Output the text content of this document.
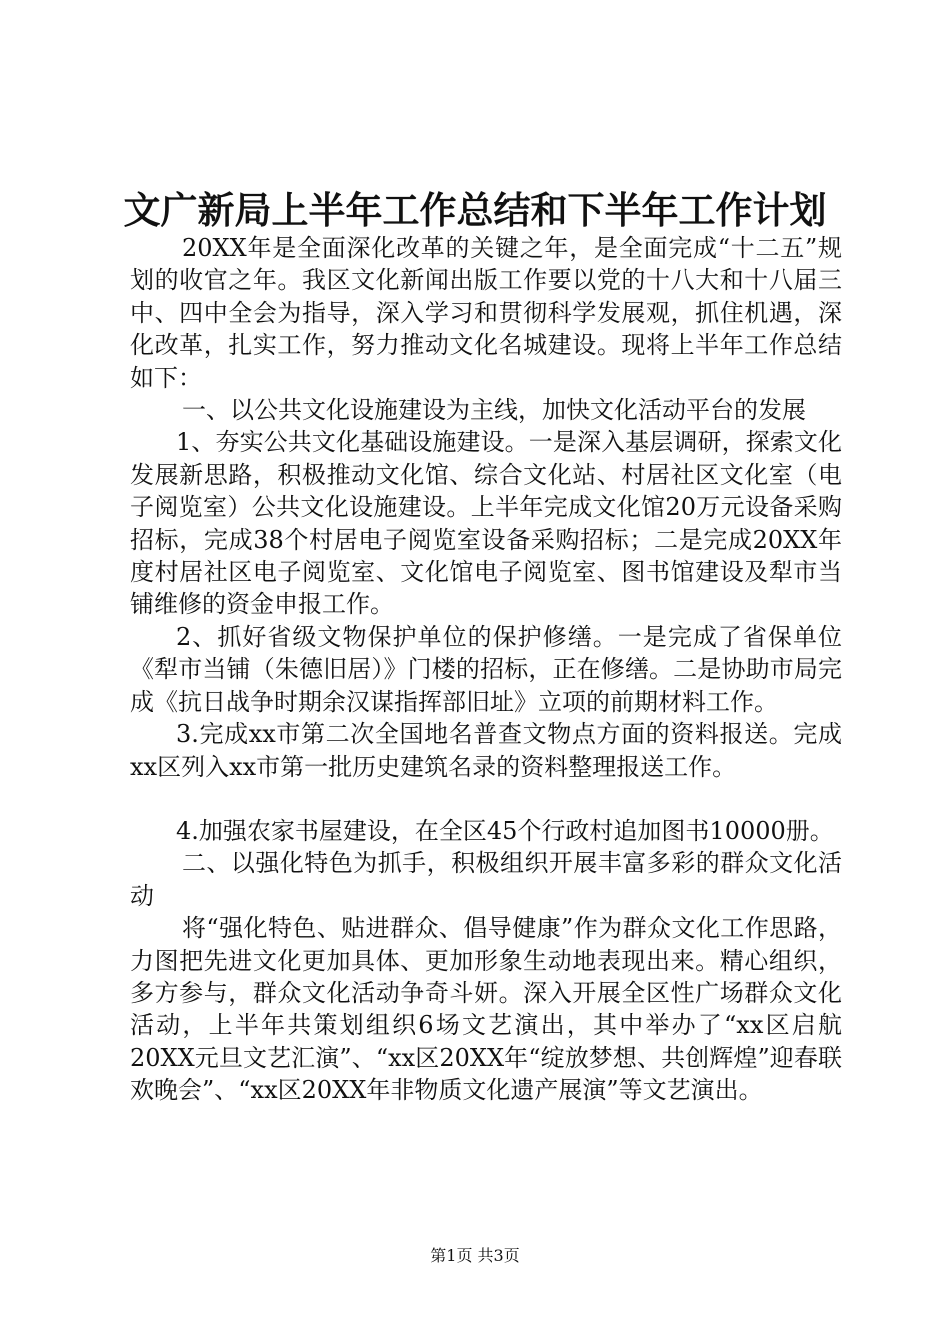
文广新局上半年工作总结和下半年工作计划

20XX年是全面深化改革的关键之年，是全面完成“十二五”规划的收官之年。我区文化新闻出版工作要以党的十八大和十八届三中、四中全会为指导，深入学习和贯彻科学发展观，抓住机遇，深化改革，扎实工作，努力推动文化名城建设。现将上半年工作总结如下：

一、以公共文化设施建设为主线，加快文化活动平台的发展

1、夯实公共文化基础设施建设。一是深入基层调研，探索文化发展新思路，积极推动文化馆、综合文化站、村居社区文化室（电子阅览室）公共文化设施建设。上半年完成文化馆20万元设备采购招标，完成38个村居电子阅览室设备采购招标；二是完成20XX年度村居社区电子阅览室、文化馆电子阅览室、图书馆建设及犁市当铺维修的资金申报工作。

2、抓好省级文物保护单位的保护修缮。一是完成了省保单位《犁市当铺（朱德旧居）》门楼的招标，正在修缮。二是协助市局完成《抗日战争时期余汉谋指挥部旧址》立项的前期材料工作。

3.完成xx市第二次全国地名普查文物点方面的资料报送。完成xx区列入xx市第一批历史建筑名录的资料整理报送工作。

4.加强农家书屋建设，在全区45个行政村追加图书10000册。

二、以强化特色为抓手，积极组织开展丰富多彩的群众文化活动

将“强化特色、贴进群众、倡导健康”作为群众文化工作思路，力图把先进文化更加具体、更加形象生动地表现出来。精心组织，多方参与，群众文化活动争奇斗妍。深入开展全区性广场群众文化活动，上半年共策划组织6场文艺演出，其中举办了“xx区启航20XX元旦文艺汇演”、“xx区20XX年“绽放梦想、共创辉煌”迎春联欢晚会”、“xx区20XX年非物质文化遗产展演”等文艺演出。

第1页 共3页
